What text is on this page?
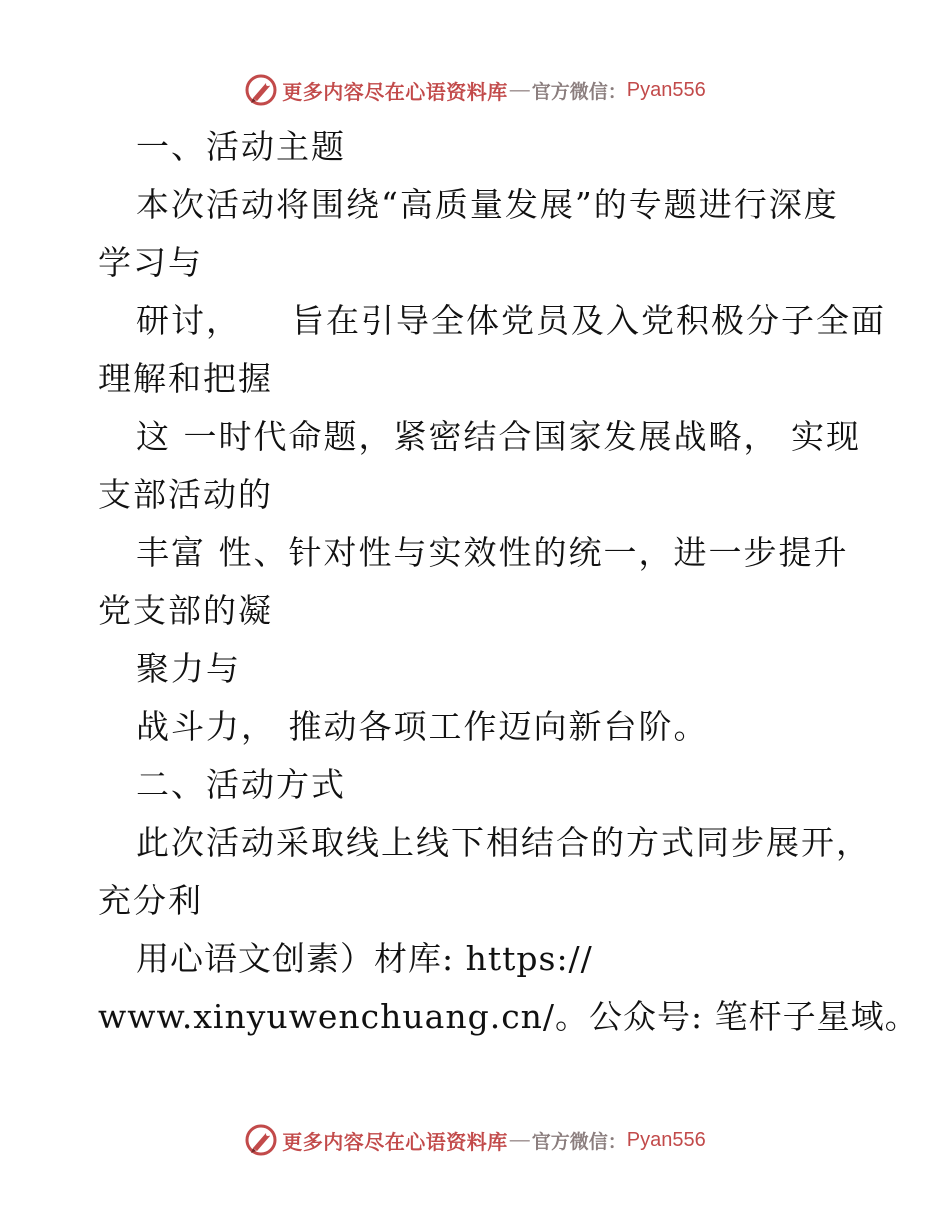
更多内容尽在心语资料库 — 官方微信： Pyan556
一、活动主题
本次活动将围绕“高质量发展”的专题进行深度
学习与
研讨，    旨在引导全体党员及入党积极分子全面
理解和把握
这 一时代命题，紧密结合国家发展战略， 实现
支部活动的
丰富 性、针对性与实效性的统一，进一步提升
党支部的凝
聚力与
战斗力， 推动各项工作迈向新台阶。
二、活动方式
此次活动采取线上线下相结合的方式同步展开，
充分利
用心语文创素）材库: https://
www.xinyuwenchuang.cn/。公众号: 笔杆子星域。
更多内容尽在心语资料库 — 官方微信： Pyan556
